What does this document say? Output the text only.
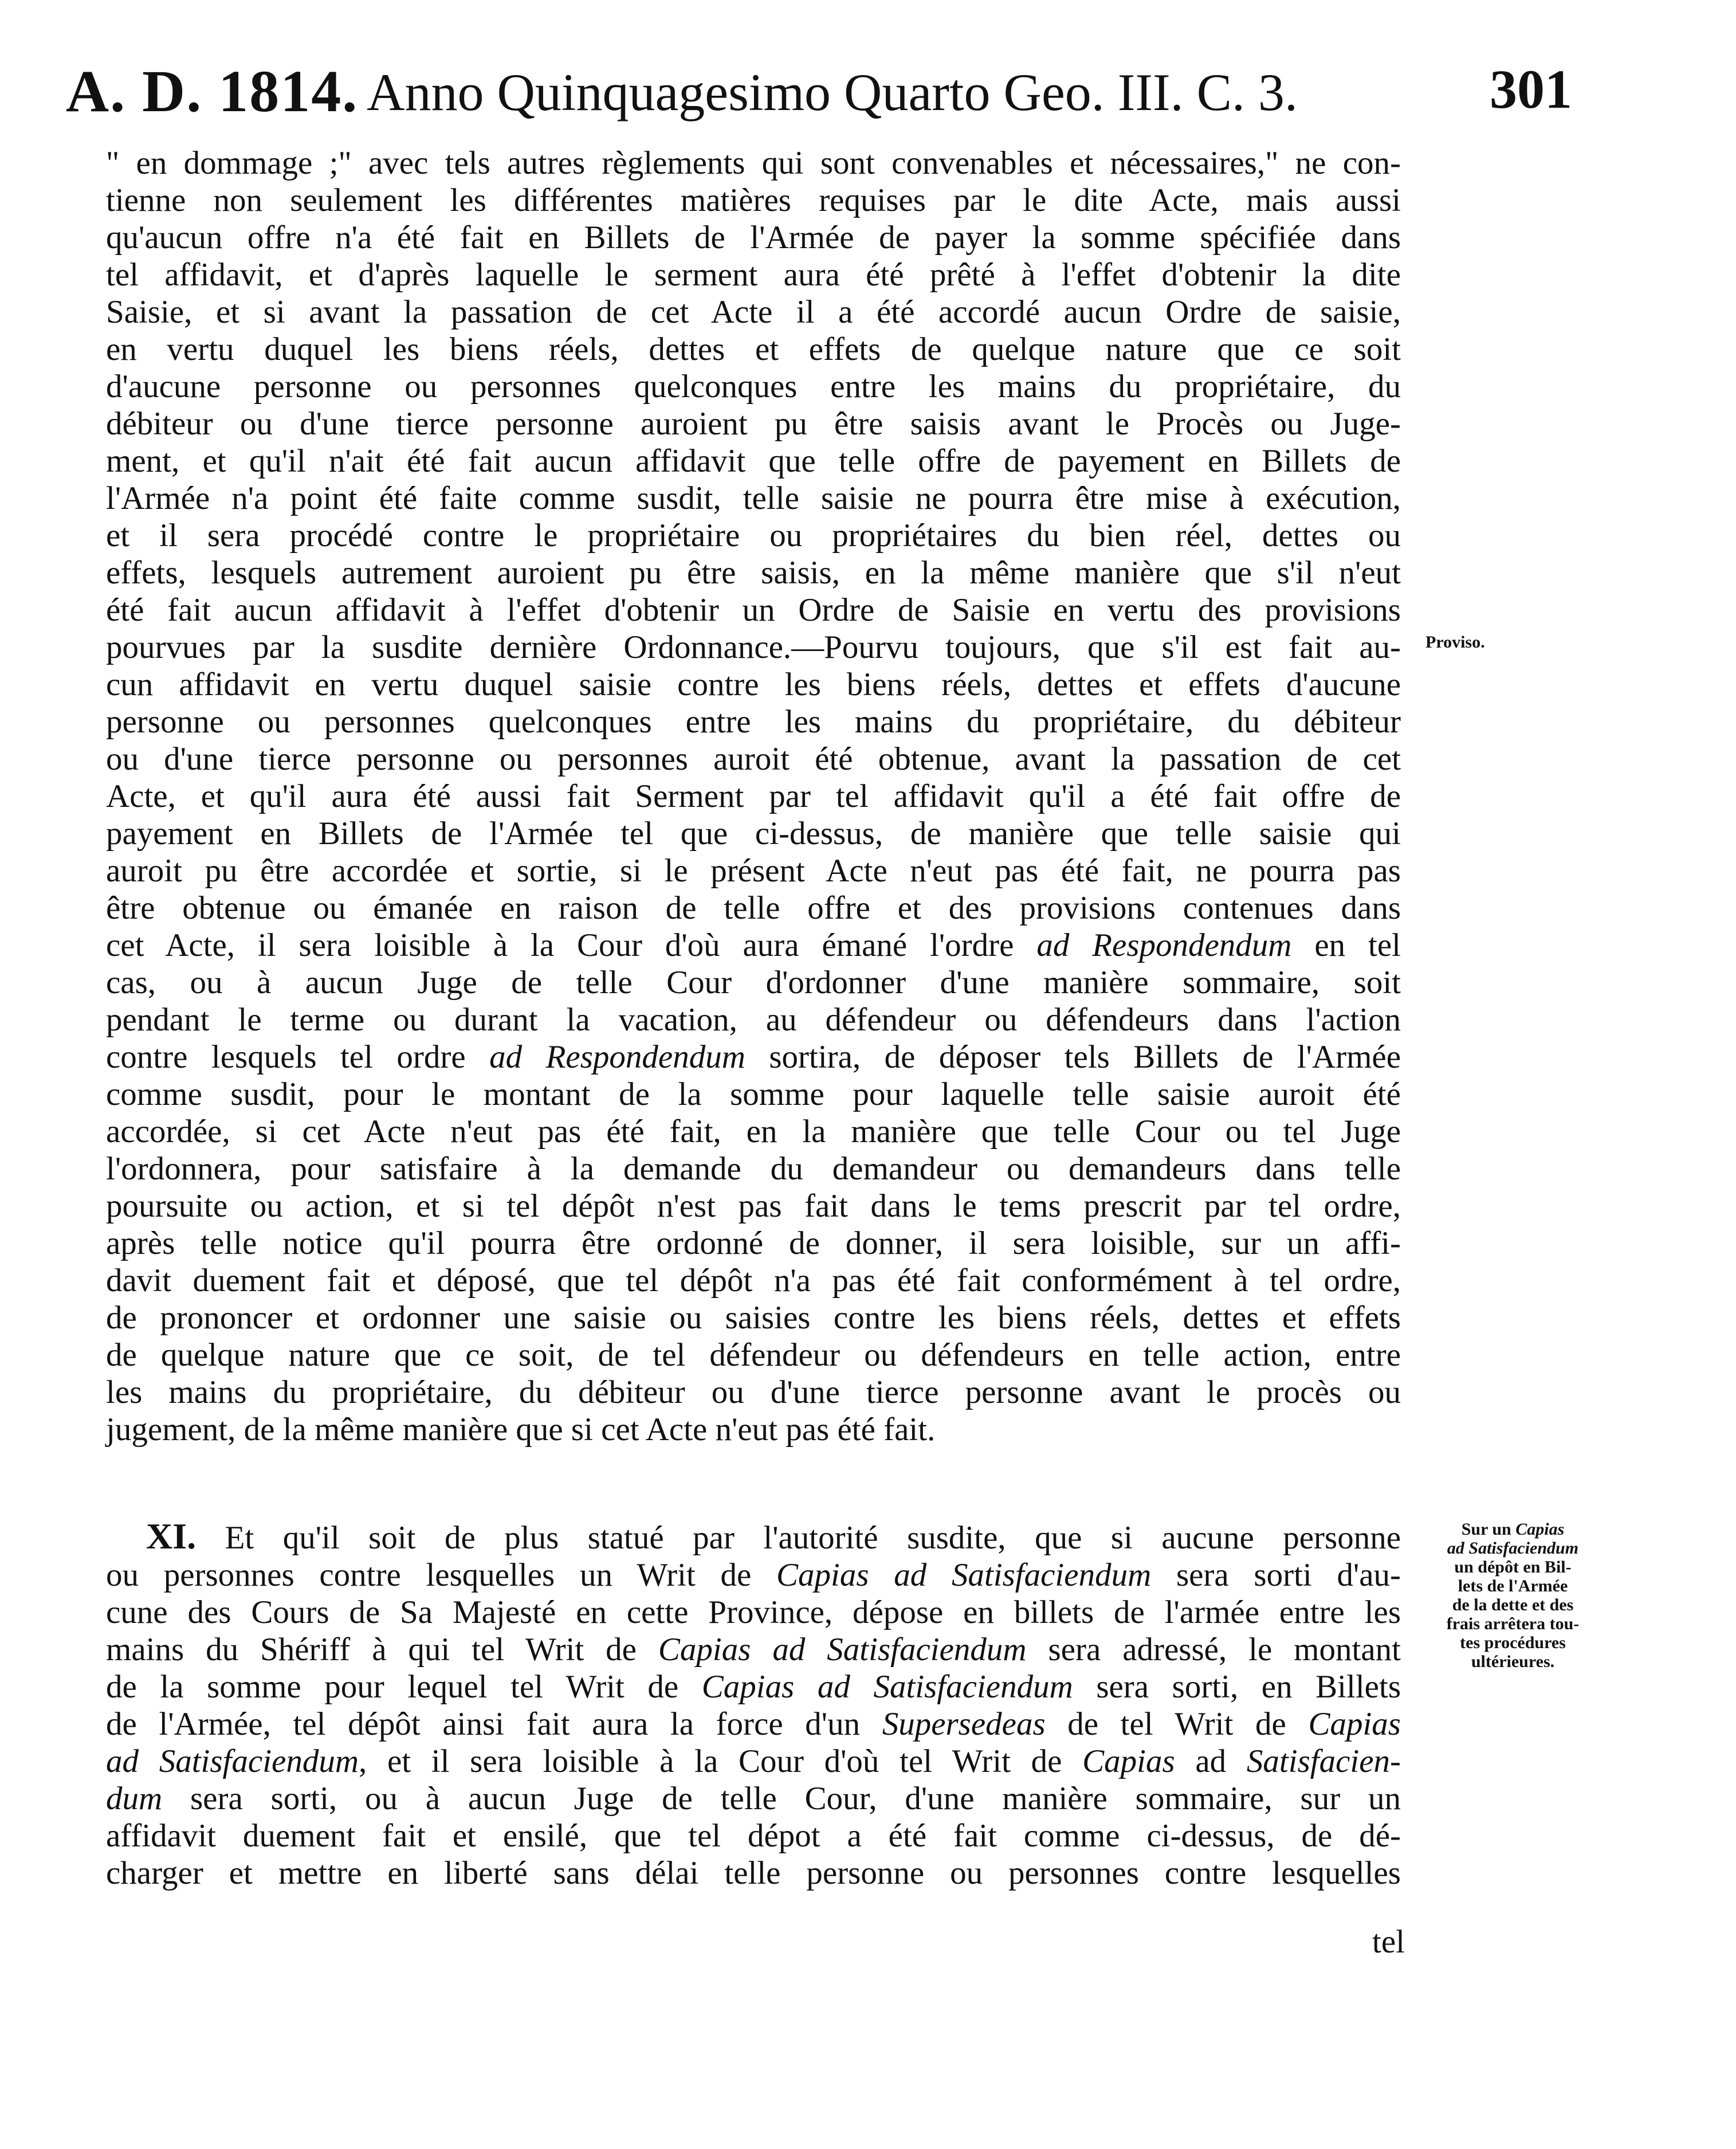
A. D. 1814. Anno Quinquagesimo Quarto Geo. III. C. 3.	301
" en dommage ;" avec tels autres règlements qui sont convenables et nécessaires," ne con-
tienne non seulement les différentes matières requises par le dite Acte, mais aussi
qu'aucun offre n'a été fait en Billets de l'Armée de payer la somme spécifiée dans
tel affidavit, et d'après laquelle le serment aura été prêté à l'effet d'obtenir la dite
Saisie, et si avant la passation de cet Acte il a été accordé aucun Ordre de saisie,
en vertu duquel les biens réels, dettes et effets de quelque nature que ce soit
d'aucune personne ou personnes quelconques entre les mains du propriétaire, du
débiteur ou d'une tierce personne auroient pu être saisis avant le Procès ou Juge-
ment, et qu'il n'ait été fait aucun affidavit que telle offre de payement en Billets de
l'Armée n'a point été faite comme susdit, telle saisie ne pourra être mise à exécution,
et il sera procédé contre le propriétaire ou propriétaires du bien réel, dettes ou
effets, lesquels autrement auroient pu être saisis, en la même manière que s'il n'eut
été fait aucun affidavit à l'effet d'obtenir un Ordre de Saisie en vertu des provisions
pourvues par la susdite dernière Ordonnance.—Pourvu toujours, que s'il est fait au-
cun affidavit en vertu duquel saisie contre les biens réels, dettes et effets d'aucune
personne ou personnes quelconques entre les mains du propriétaire, du débiteur
ou d'une tierce personne ou personnes auroit été obtenue, avant la passation de cet
Acte, et qu'il aura été aussi fait Serment par tel affidavit qu'il a été fait offre de
payement en Billets de l'Armée tel que ci-dessus, de manière que telle saisie qui
auroit pu être accordée et sortie, si le présent Acte n'eut pas été fait, ne pourra pas
être obtenue ou émanée en raison de telle offre et des provisions contenues dans
cet Acte, il sera loisible à la Cour d'où aura émané l'ordre ad Respondendum en tel
cas, ou à aucun Juge de telle Cour d'ordonner d'une manière sommaire, soit
pendant le terme ou durant la vacation, au défendeur ou défendeurs dans l'action
contre lesquels tel ordre ad Respondendum sortira, de déposer tels Billets de l'Armée
comme susdit, pour le montant de la somme pour laquelle telle saisie auroit été
accordée, si cet Acte n'eut pas été fait, en la manière que telle Cour ou tel Juge
l'ordonnera, pour satisfaire à la demande du demandeur ou demandeurs dans telle
poursuite ou action, et si tel dépôt n'est pas fait dans le tems prescrit par tel ordre,
après telle notice qu'il pourra être ordonné de donner, il sera loisible, sur un affi-
davit duement fait et déposé, que tel dépôt n'a pas été fait conformément à tel ordre,
de prononcer et ordonner une saisie ou saisies contre les biens réels, dettes et effets
de quelque nature que ce soit, de tel défendeur ou défendeurs en telle action, entre
les mains du propriétaire, du débiteur ou d'une tierce personne avant le procès ou
jugement, de la même manière que si cet Acte n'eut pas été fait.
Proviso.
XI. Et qu'il soit de plus statué par l'autorité susdite, que si aucune personne
ou personnes contre lesquelles un Writ de Capias ad Satisfaciendum sera sorti d'au-
cune des Cours de Sa Majesté en cette Province, dépose en billets de l'armée entre les
mains du Shériff à qui tel Writ de Capias ad Satisfaciendum sera adressé, le montant
de la somme pour lequel tel Writ de Capias ad Satisfaciendum sera sorti, en Billets
de l'Armée, tel dépôt ainsi fait aura la force d'un Supersedeas de tel Writ de Capias
ad Satisfaciendum, et il sera loisible à la Cour d'où tel Writ de Capias ad Satisfacien-
dum sera sorti, ou à aucun Juge de telle Cour, d'une manière sommaire, sur un
affidavit duement fait et ensilé, que tel dépot a été fait comme ci-dessus, de dé-
charger et mettre en liberté sans délai telle personne ou personnes contre lesquelles
tel
Sur un Capias
ad Satisfaciendum
un dépôt en Bil-
lets de l'Armée
de la dette et des
frais arrêtera tou-
tes procédures
ultérieures.
